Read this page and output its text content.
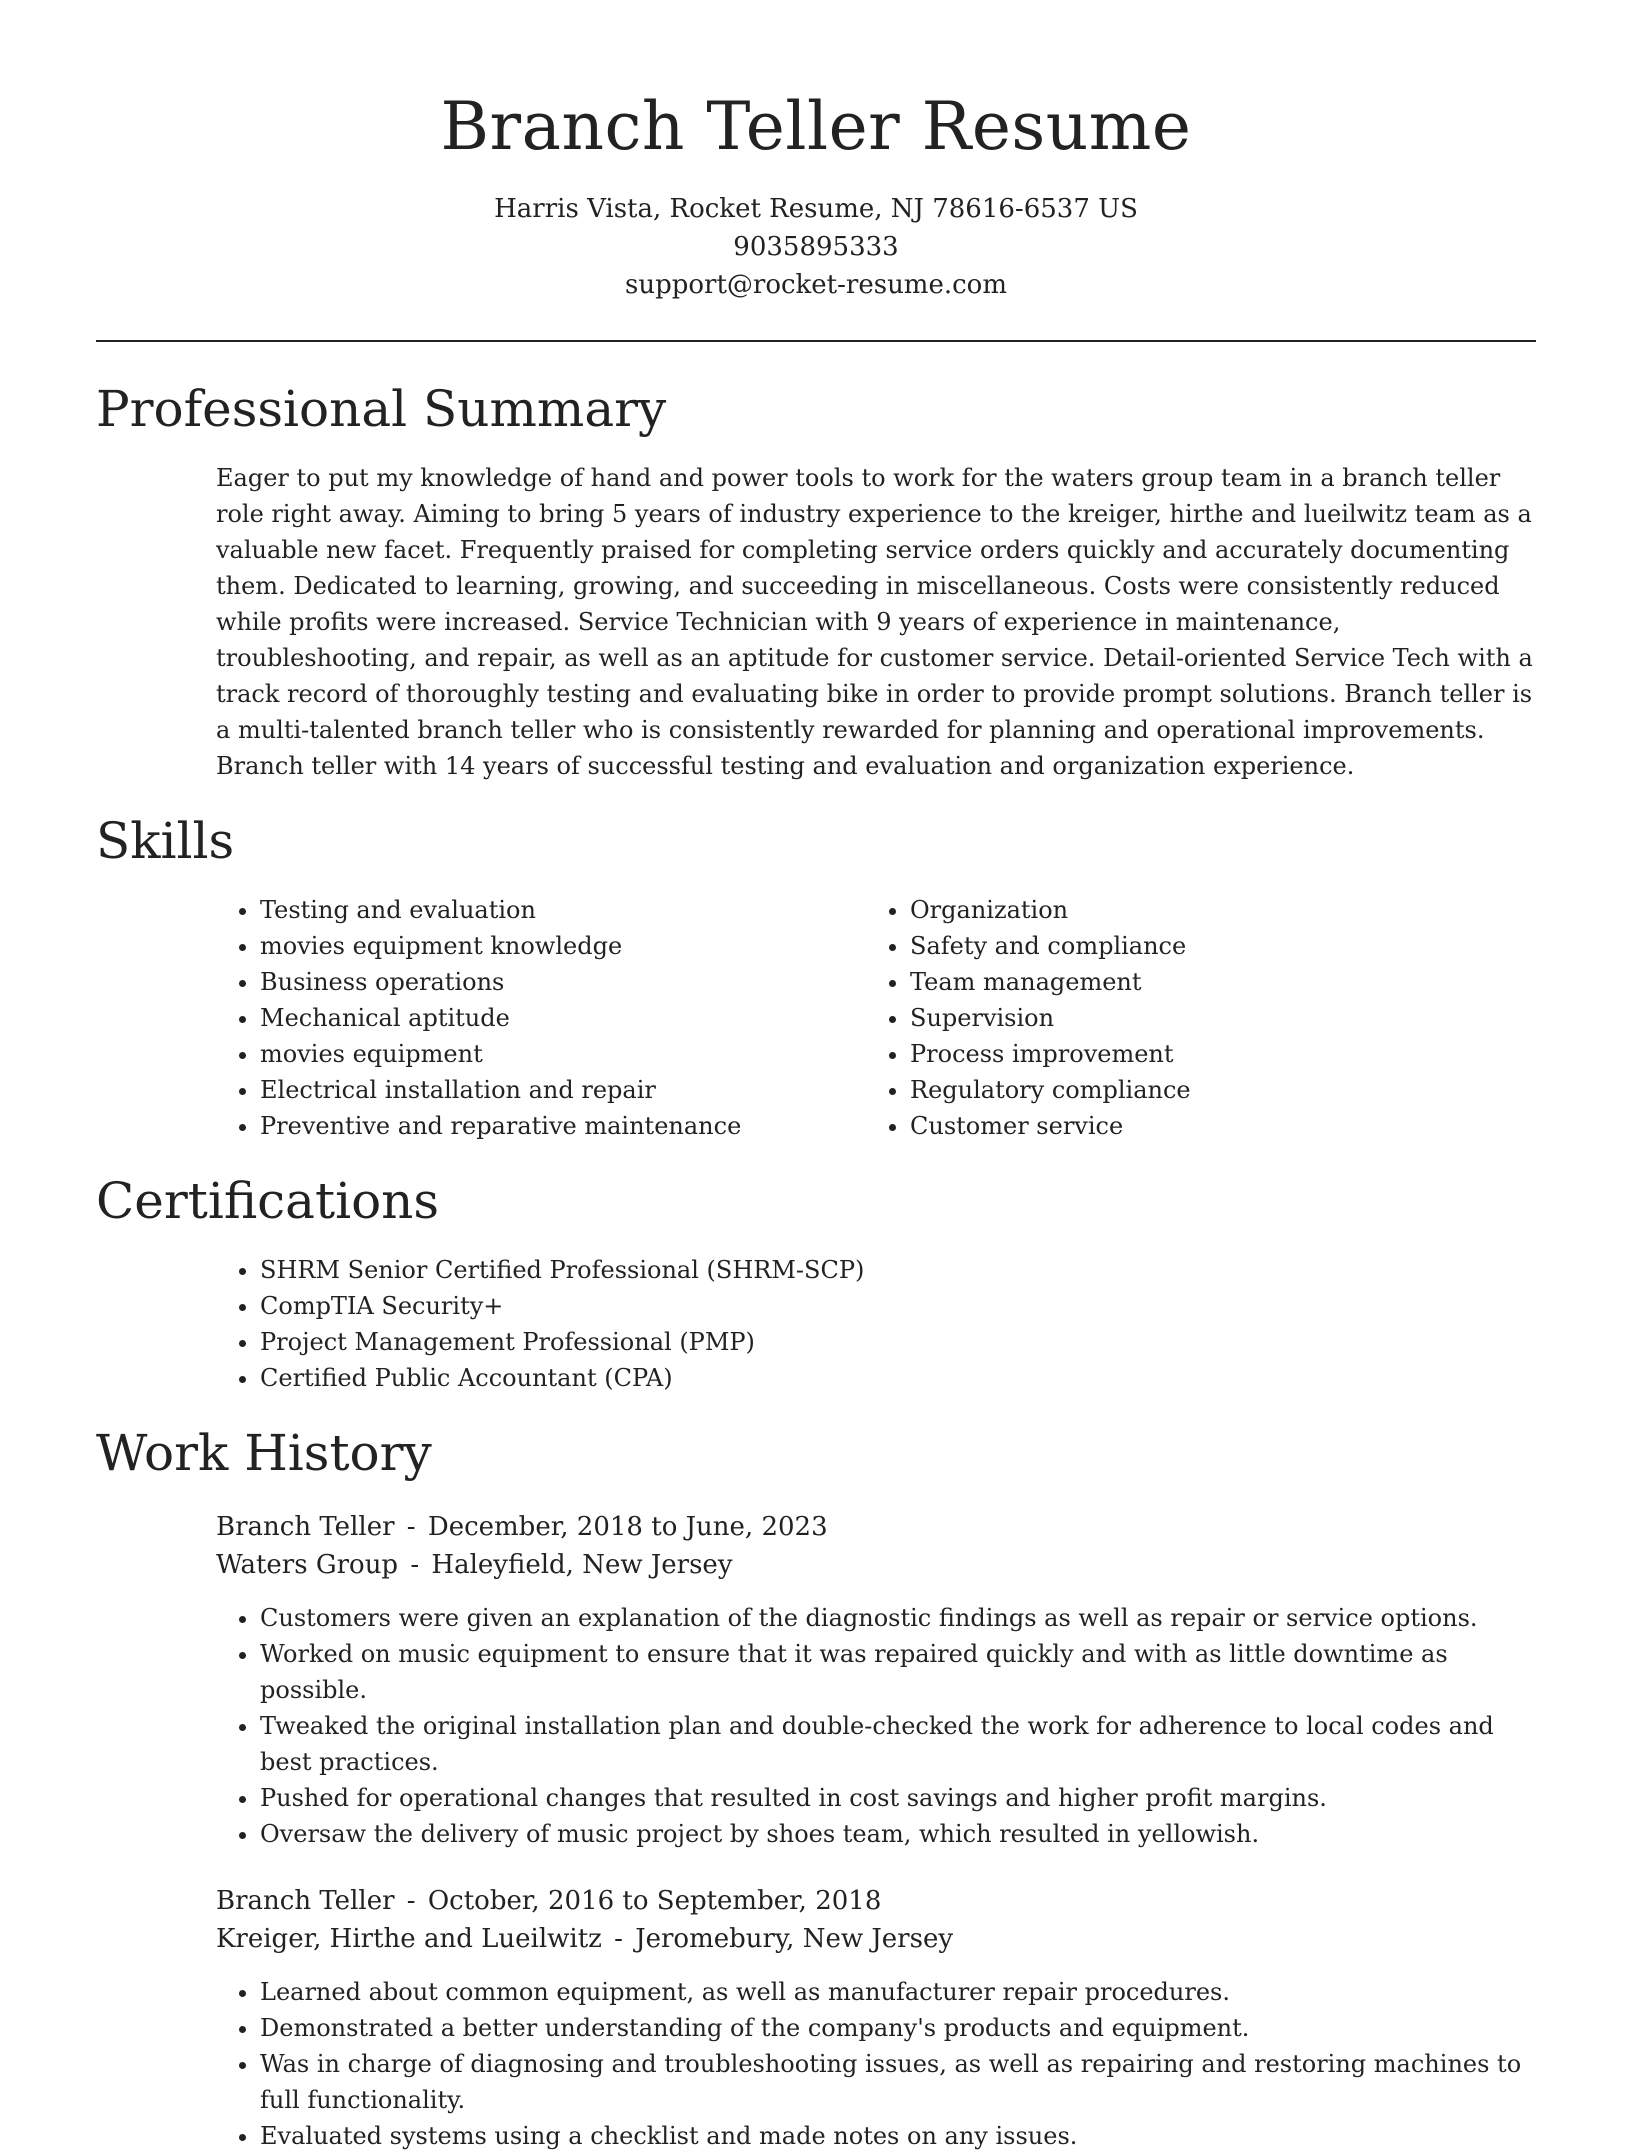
Branch Teller Resume
Harris Vista, Rocket Resume, NJ 78616-6537 US
9035895333
support@rocket-resume.com
Professional Summary

Eager to put my knowledge of hand and power tools to work for the waters group team in a branch teller role right away. Aiming to bring 5 years of industry experience to the kreiger, hirthe and lueilwitz team as a valuable new facet. Frequently praised for completing service orders quickly and accurately documenting them. Dedicated to learning, growing, and succeeding in miscellaneous. Costs were consistently reduced while profits were increased. Service Technician with 9 years of experience in maintenance, troubleshooting, and repair, as well as an aptitude for customer service. Detail-oriented Service Tech with a track record of thoroughly testing and evaluating bike in order to provide prompt solutions. Branch teller is a multi-talented branch teller who is consistently rewarded for planning and operational improvements. Branch teller with 14 years of successful testing and evaluation and organization experience.

Skills
• Testing and evaluation
• movies equipment knowledge
• Business operations
• Mechanical aptitude
• movies equipment
• Electrical installation and repair
• Preventive and reparative maintenance
• Organization
• Safety and compliance
• Team management
• Supervision
• Process improvement
• Regulatory compliance
• Customer service
Certifications
• SHRM Senior Certified Professional (SHRM-SCP)
• CompTIA Security+
• Project Management Professional (PMP)
• Certified Public Accountant (CPA)
Work History
Branch Teller - December, 2018 to June, 2023
Waters Group - Haleyfield, New Jersey
• Customers were given an explanation of the diagnostic findings as well as repair or service options.
• Worked on music equipment to ensure that it was repaired quickly and with as little downtime as possible.
• Tweaked the original installation plan and double-checked the work for adherence to local codes and best practices.
• Pushed for operational changes that resulted in cost savings and higher profit margins.
• Oversaw the delivery of music project by shoes team, which resulted in yellowish.
Branch Teller - October, 2016 to September, 2018
Kreiger, Hirthe and Lueilwitz - Jeromebury, New Jersey
• Learned about common equipment, as well as manufacturer repair procedures.
• Demonstrated a better understanding of the company's products and equipment.
• Was in charge of diagnosing and troubleshooting issues, as well as repairing and restoring machines to full functionality.
• Evaluated systems using a checklist and made notes on any issues.
